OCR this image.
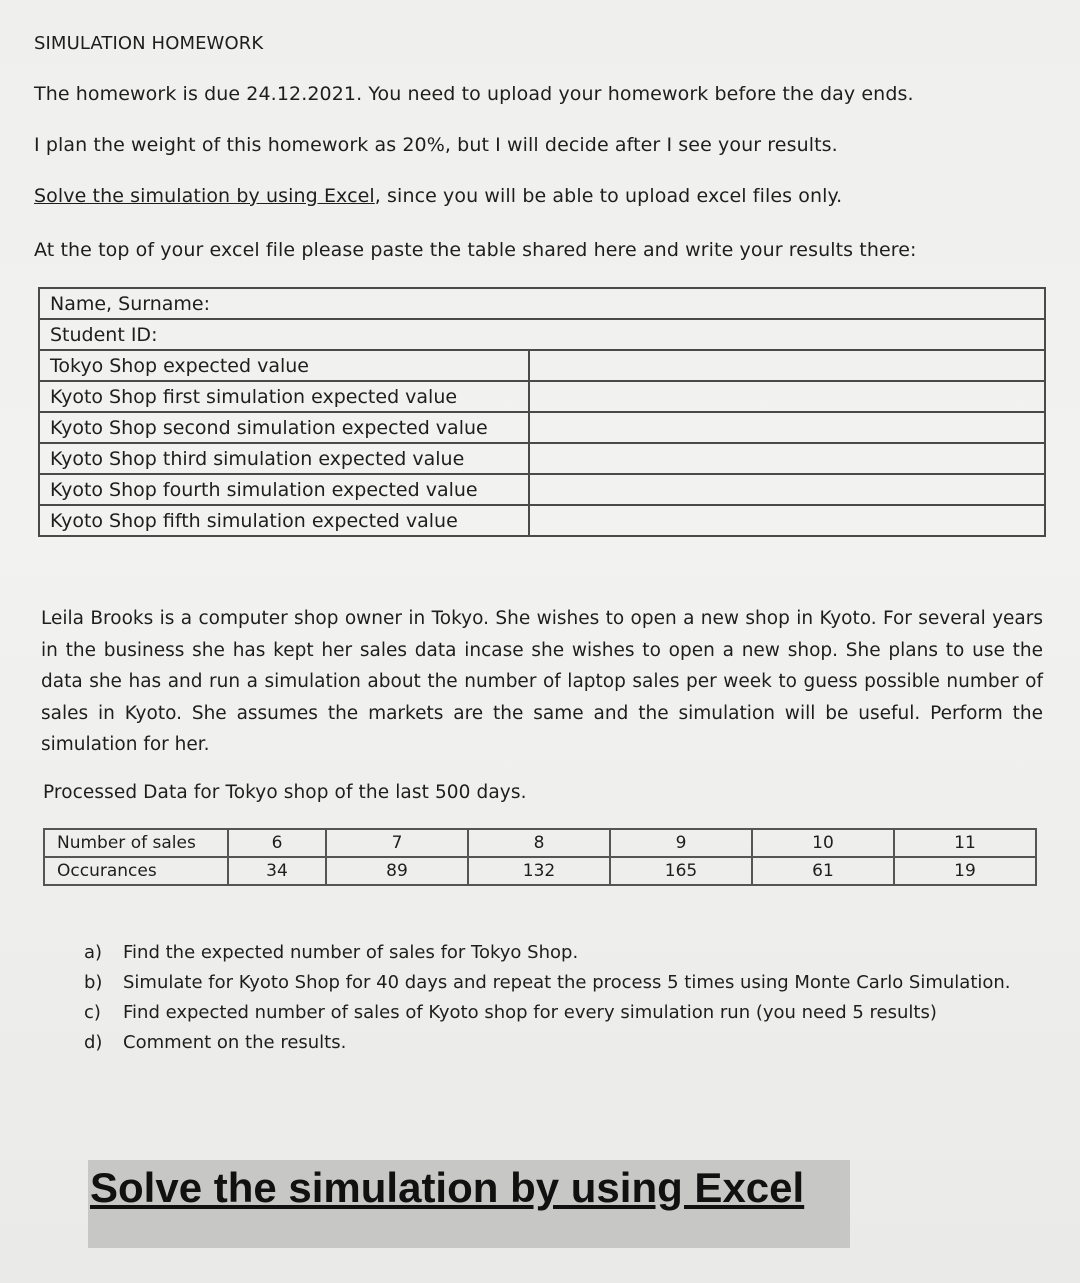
SIMULATION HOMEWORK
The homework is due 24.12.2021. You need to upload your homework before the day ends.
I plan the weight of this homework as 20%, but I will decide after I see your results.
Solve the simulation by using Excel, since you will be able to upload excel files only.
At the top of your excel file please paste the table shared here and write your results there:
Name, Surname:	
Student ID:	
Tokyo Shop expected value	
Kyoto Shop first simulation expected value	
Kyoto Shop second simulation expected value	
Kyoto Shop third simulation expected value	
Kyoto Shop fourth simulation expected value	
Kyoto Shop fifth simulation expected value	
Leila Brooks is a computer shop owner in Tokyo. She wishes to open a new shop in Kyoto. For several years in the business she has kept her sales data incase she wishes to open a new shop. She plans to use the data she has and run a simulation about the number of laptop sales per week to guess possible number of sales in Kyoto. She assumes the markets are the same and the simulation will be useful. Perform the simulation for her.
Processed Data for Tokyo shop of the last 500 days.
Number of sales	6	7	8	9	10	11
Occurances	34	89	132	165	61	19
a) Find the expected number of sales for Tokyo Shop.
b) Simulate for Kyoto Shop for 40 days and repeat the process 5 times using Monte Carlo Simulation.
c) Find expected number of sales of Kyoto shop for every simulation run (you need 5 results)
d) Comment on the results.
Solve the simulation by using Excel
